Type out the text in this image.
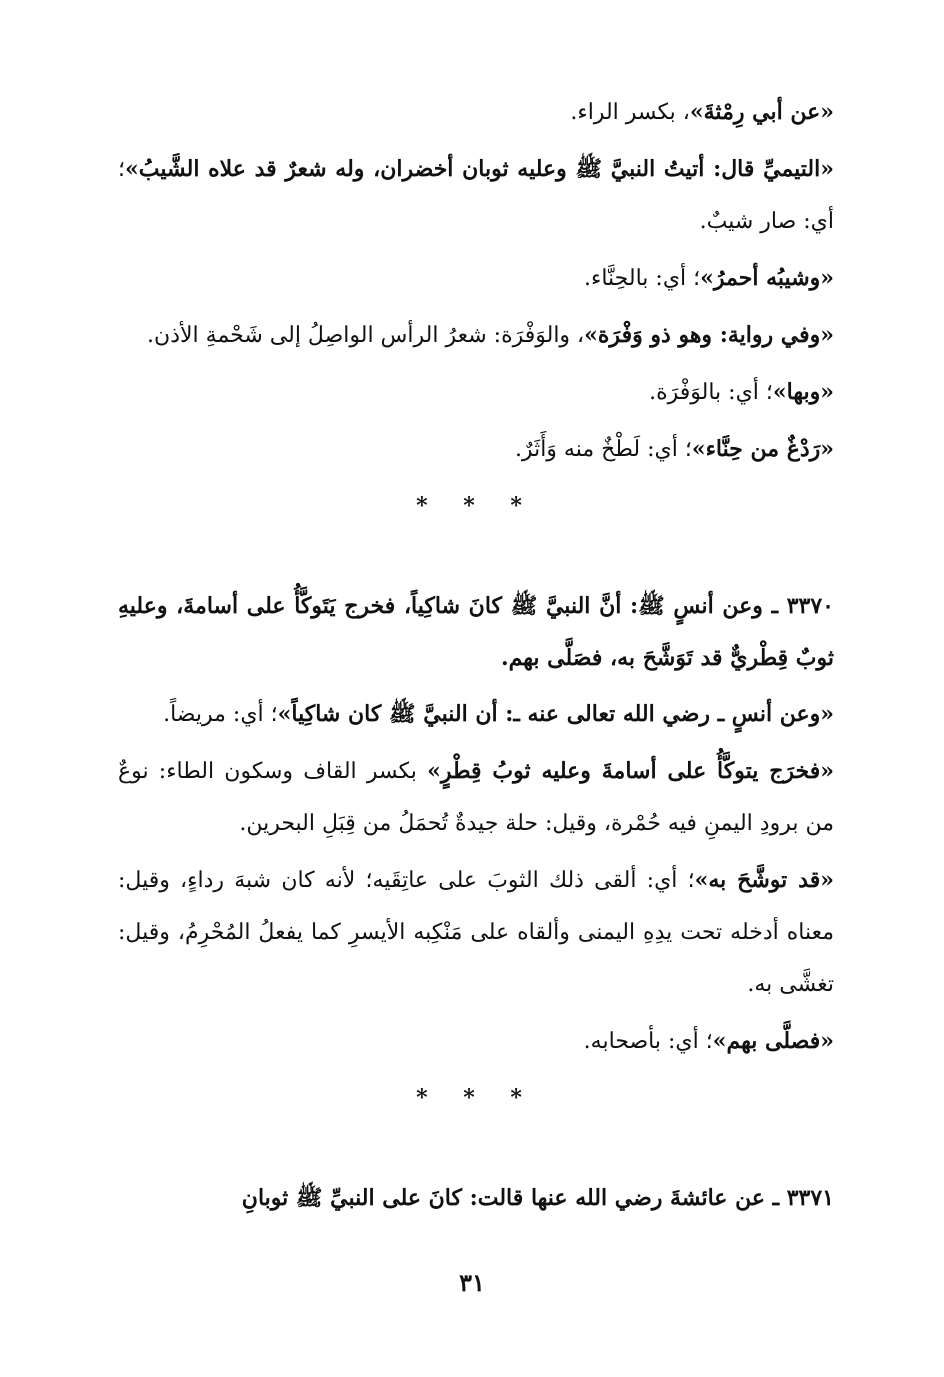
«عن أبي رِمْثةَ»، بكسر الراء.

«التيميِّ قال: أتيتُ النبيَّ ﷺ وعليه ثوبان أخضران، وله شعرٌ قد علاه الشَّيبُ»؛ أي: صار شيبٌ.

«وشيبُه أحمرُ»؛ أي: بالحِنَّاء.

«وفي رواية: وهو ذو وَفْرَة»، والوَفْرَة: شعرُ الرأس الواصِلُ إلى شَحْمةِ الأذن.

«وبها»؛ أي: بالوَفْرَة.

«رَدْغٌ من حِنَّاء»؛ أي: لَطْخٌ منه وَأَثَرٌ.

* * *

٣٣٧٠ ـ وعن أنسٍ ﷺ: أنَّ النبيَّ ﷺ كانَ شاكِياً، فخرج يَتَوكَّأُ على أسامةَ، وعليهِ ثوبٌ قِطْريٌّ قد تَوَشَّحَ به، فصَلَّى بهم.

«وعن أنسٍ ـ رضي الله تعالى عنه ـ: أن النبيَّ ﷺ كان شاكِياً»؛ أي: مريضاً.

«فخرَج يتوكَّأُ على أسامةَ وعليه ثوبُ قِطْرٍ» بكسر القاف وسكون الطاء: نوعٌ من برودِ اليمنِ فيه حُمْرة، وقيل: حلة جيدةٌ تُحمَلُ من قِبَلِ البحرين.

«قد توشَّحَ به»؛ أي: ألقى ذلك الثوبَ على عاتِقَيه؛ لأنه كان شبهَ رداءٍ، وقيل: معناه أدخله تحت يدِهِ اليمنى وألقاه على مَنْكِبه الأيسرِ كما يفعلُ المُحْرِمُ، وقيل: تغشَّى به.

«فصلَّى بهم»؛ أي: بأصحابه.

* * *

٣٣٧١ ـ عن عائشةَ رضي الله عنها قالت: كانَ على النبيِّ ﷺ ثوبانِ

٣١
